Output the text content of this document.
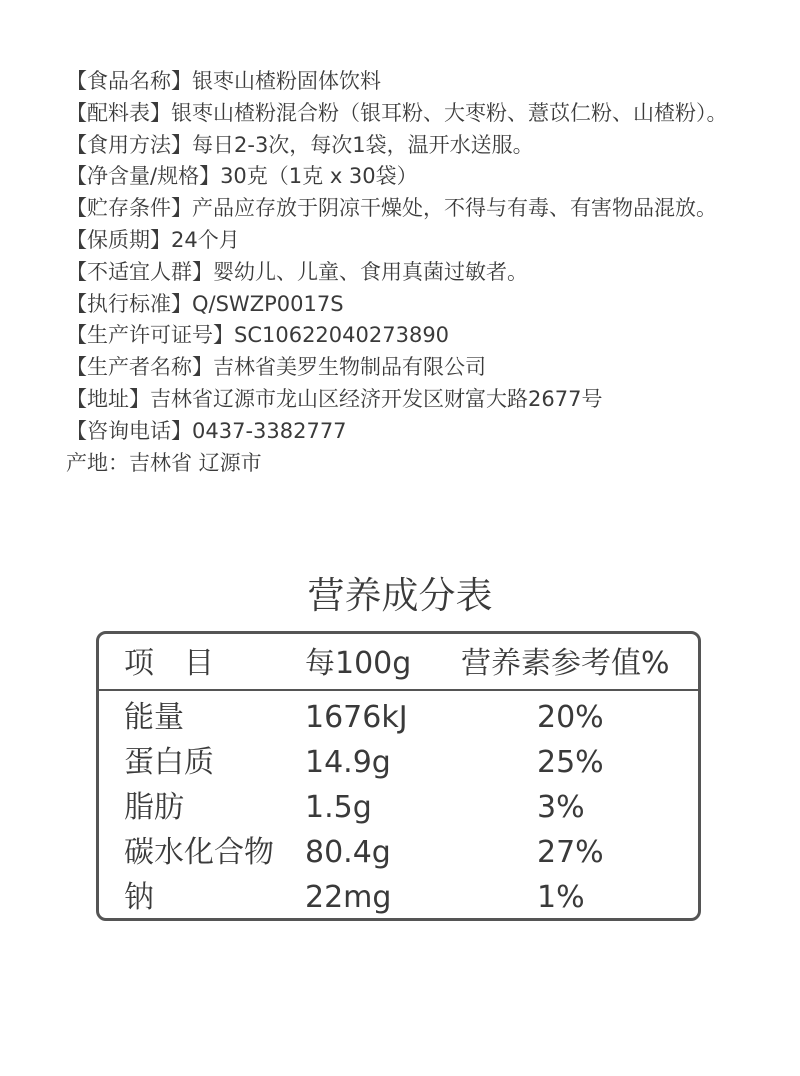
【食品名称】银枣山楂粉固体饮料
【配料表】银枣山楂粉混合粉（银耳粉、大枣粉、薏苡仁粉、山楂粉）。
【食用方法】每日2-3次，每次1袋，温开水送服。
【净含量/规格】30克（1克 x 30袋）
【贮存条件】产品应存放于阴凉干燥处，不得与有毒、有害物品混放。
【保质期】24个月
【不适宜人群】婴幼儿、儿童、食用真菌过敏者。
【执行标准】Q/SWZP0017S
【生产许可证号】SC10622040273890
【生产者名称】吉林省美罗生物制品有限公司
【地址】吉林省辽源市龙山区经济开发区财富大路2677号
【咨询电话】0437-3382777
产地：吉林省 辽源市
营养成分表
项目 每100g 营养素参考值%
能量	1676kJ	20%
蛋白质	14.9g	25%
脂肪	1.5g	3%
碳水化合物 80.4g	27%
钠	22mg	1%
